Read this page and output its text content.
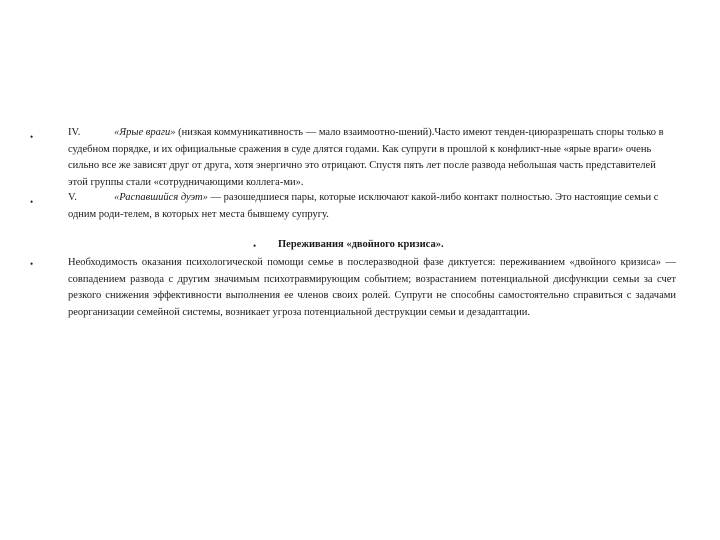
•	IV.	«Ярые враги» (низкая коммуникативность — мало взаимоотно-шений).Часто имеют тенден-циюразрешать споры только в судебном порядке, и их официальные сражения в суде длятся годами. Как супруги в прошлой к конфликт-ные «ярые враги» очень сильно все же зависят друг от друга, хотя энергично это отрицают. Спустя пять лет после развода небольшая часть представителей этой группы стали «сотрудничающими коллега-ми».
•	V.	«Распавшийся дуэт» — разошедшиеся пары, которые исключают какой-либо контакт полностью. Это настоящие семьи с одним роди-телем, в которых нет места бывшему супругу.
• Переживания «двойного кризиса».
•	Необходимость оказания психологической помощи семье в послеразводной фазе диктуется: переживанием «двойного кризиса» — совпадением развода с другим значимым психотравмирующим событием; возрастанием потенциальной дисфункции семьи за счет резкого снижения эффективности выполнения ее членов своих ролей. Супруги не способны самостоятельно справиться с задачами реорганизации семейной системы, возникает угроза потенциальной деструкции семьи и дезадаптации.
